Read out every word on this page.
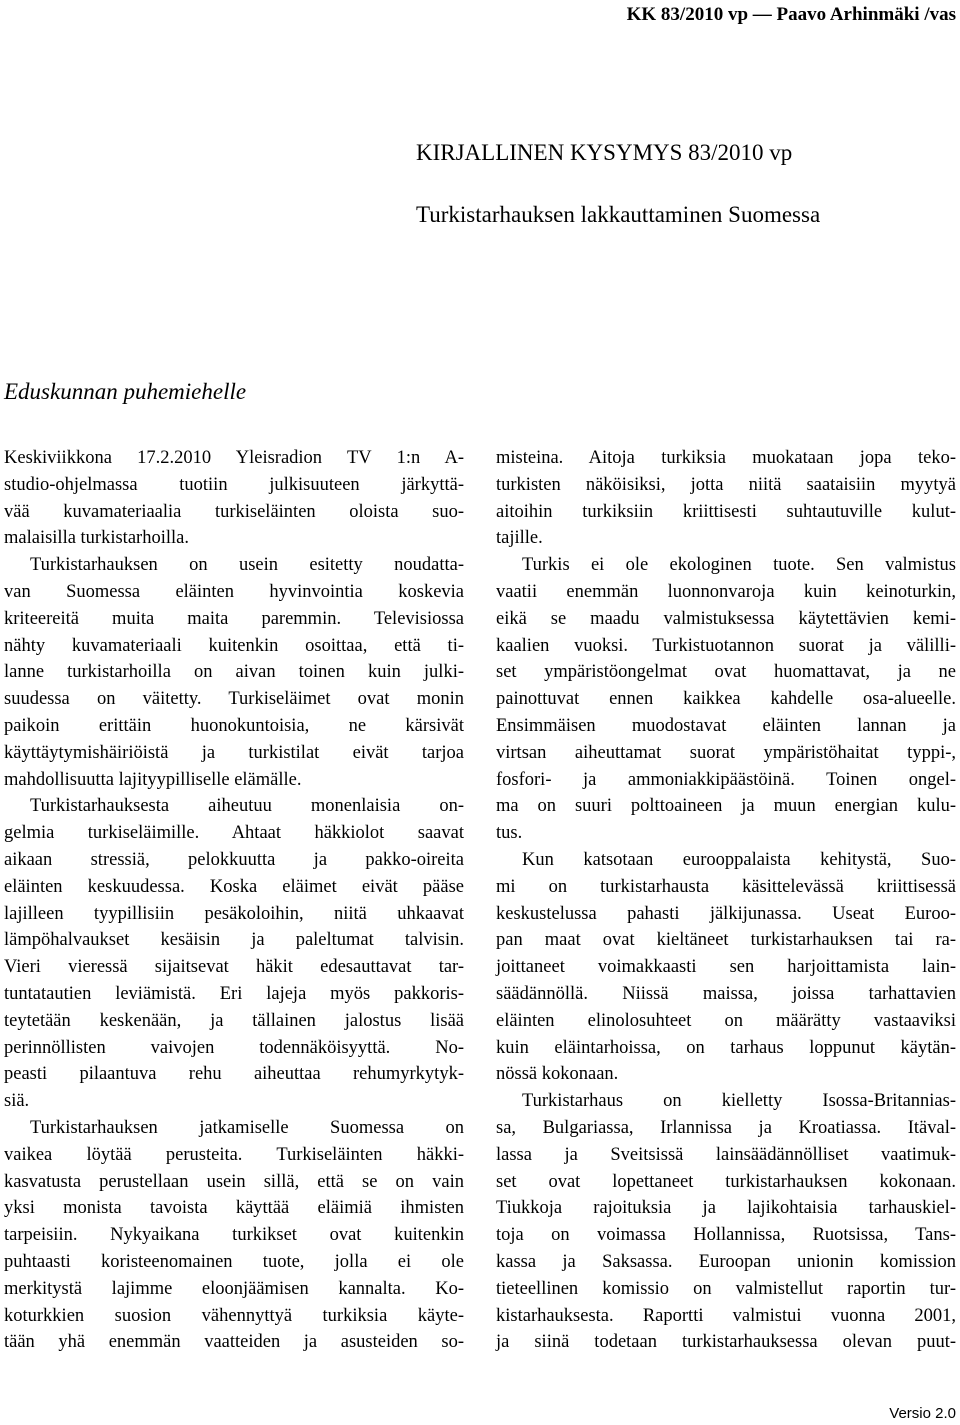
KK 83/2010 vp — Paavo Arhinmäki /vas
KIRJALLINEN KYSYMYS 83/2010 vp
Turkistarhauksen lakkauttaminen Suomessa
Eduskunnan puhemiehelle
Keskiviikkona 17.2.2010 Yleisradion TV 1:n A-
studio-ohjelmassa tuotiin julkisuuteen järkyttä-
vää kuvamateriaalia turkiseläinten oloista suo-
malaisilla turkistarhoilla.
Turkistarhauksen on usein esitetty noudatta-
van Suomessa eläinten hyvinvointia koskevia
kriteereitä muita maita paremmin. Televisiossa
nähty kuvamateriaali kuitenkin osoittaa, että ti-
lanne turkistarhoilla on aivan toinen kuin julki-
suudessa on väitetty. Turkiseläimet ovat monin
paikoin erittäin huonokuntoisia, ne kärsivät
käyttäytymishäiriöistä ja turkistilat eivät tarjoa
mahdollisuutta lajityypilliselle elämälle.
Turkistarhauksesta aiheutuu monenlaisia on-
gelmia turkiseläimille. Ahtaat häkkiolot saavat
aikaan stressiä, pelokkuutta ja pakko-oireita
eläinten keskuudessa. Koska eläimet eivät pääse
lajilleen tyypillisiin pesäkoloihin, niitä uhkaavat
lämpöhalvaukset kesäisin ja paleltumat talvisin.
Vieri vieressä sijaitsevat häkit edesauttavat tar-
tuntatautien leviämistä. Eri lajeja myös pakkoris-
teytetään keskenään, ja tällainen jalostus lisää
perinnöllisten vaivojen todennäköisyyttä. No-
peasti pilaantuva rehu aiheuttaa rehumyrkytyk-
siä.
Turkistarhauksen jatkamiselle Suomessa on
vaikea löytää perusteita. Turkiseläinten häkki-
kasvatusta perustellaan usein sillä, että se on vain
yksi monista tavoista käyttää eläimiä ihmisten
tarpeisiin. Nykyaikana turkikset ovat kuitenkin
puhtaasti koristeenomainen tuote, jolla ei ole
merkitystä lajimme eloonjäämisen kannalta. Ko-
koturkkien suosion vähennyttyä turkiksia käyte-
tään yhä enemmän vaatteiden ja asusteiden so-
misteina. Aitoja turkiksia muokataan jopa teko-
turkisten näköisiksi, jotta niitä saataisiin myytyä
aitoihin turkiksiin kriittisesti suhtautuville kulut-
tajille.
Turkis ei ole ekologinen tuote. Sen valmistus
vaatii enemmän luonnonvaroja kuin keinoturkin,
eikä se maadu valmistuksessa käytettävien kemi-
kaalien vuoksi. Turkistuotannon suorat ja välilli-
set ympäristöongelmat ovat huomattavat, ja ne
painottuvat ennen kaikkea kahdelle osa-alueelle.
Ensimmäisen muodostavat eläinten lannan ja
virtsan aiheuttamat suorat ympäristöhaitat typpi-,
fosfori- ja ammoniakkipäästöinä. Toinen ongel-
ma on suuri polttoaineen ja muun energian kulu-
tus.
Kun katsotaan eurooppalaista kehitystä, Suo-
mi on turkistarhausta käsittelevässä kriittisessä
keskustelussa pahasti jälkijunassa. Useat Euroo-
pan maat ovat kieltäneet turkistarhauksen tai ra-
joittaneet voimakkaasti sen harjoittamista lain-
säädännöllä. Niissä maissa, joissa tarhattavien
eläinten elinolosuhteet on määrätty vastaaviksi
kuin eläintarhoissa, on tarhaus loppunut käytän-
nössä kokonaan.
Turkistarhaus on kielletty Isossa-Britannias-
sa, Bulgariassa, Irlannissa ja Kroatiassa. Itäval-
lassa ja Sveitsissä lainsäädännölliset vaatimuk-
set ovat lopettaneet turkistarhauksen kokonaan.
Tiukkoja rajoituksia ja lajikohtaisia tarhauskiel-
toja on voimassa Hollannissa, Ruotsissa, Tans-
kassa ja Saksassa. Euroopan unionin komission
tieteellinen komissio on valmistellut raportin tur-
kistarhauksesta. Raportti valmistui vuonna 2001,
ja siinä todetaan turkistarhauksessa olevan puut-
Versio 2.0
